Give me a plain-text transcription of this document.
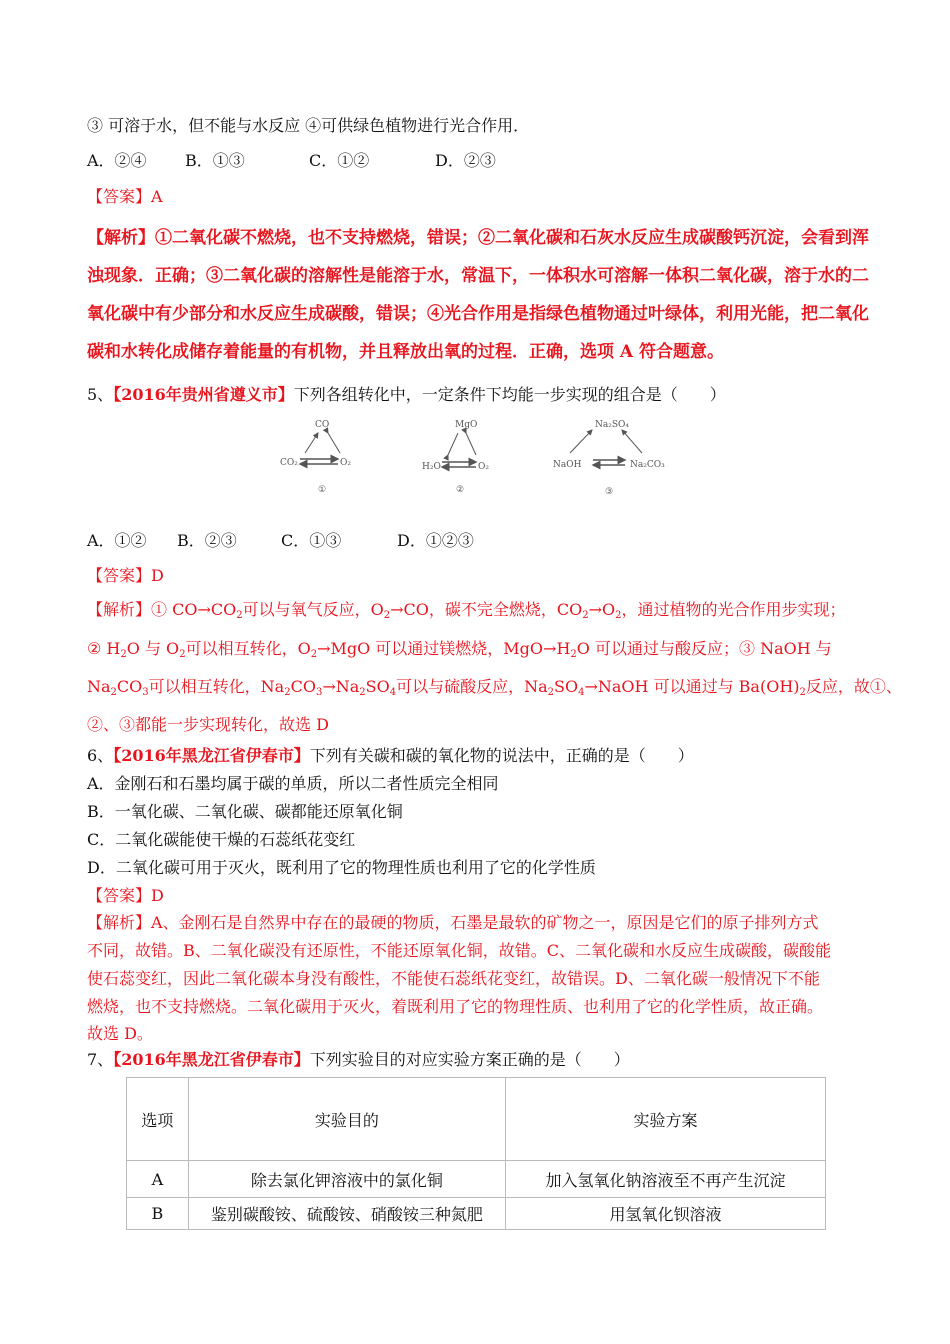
③ 可溶于水，但不能与水反应 ④可供绿色植物进行光合作用．
A．②④ B．①③	C．①②	D．②③
【答案】A
【解析】①二氧化碳不燃烧，也不支持燃烧，错误；②二氧化碳和石灰水反应生成碳酸钙沉淀，会看到浑
浊现象．正确；③二氧化碳的溶解性是能溶于水，常温下，一体积水可溶解一体积二氧化碳，溶于水的二
氧化碳中有少部分和水反应生成碳酸，错误；④光合作用是指绿色植物通过叶绿体，利用光能，把二氧化
碳和水转化成储存着能量的有机物，并且释放出氧的过程．正确，选项 A 符合题意。
5、【2016年贵州省遵义市】下列各组转化中，一定条件下均能一步实现的组合是（　　）
CO
CO₂	O₂
①
MgO
H₂O	O₂
②
Na₂SO₄
NaOH	Na₂CO₃
③
A．①② B．②③	C．①③	D．①②③
【答案】D
【解析】① $CO\to CO_2$可以与氧气反应，$O_2\to CO$，碳不完全燃烧，$CO_2\to O_2$，通过植物的光合作用步实现；
② $H_2O$ 与 $O_2$可以相互转化，$O_2\to MgO$ 可以通过镁燃烧，$MgO\to H_2O$ 可以通过与酸反应；③ NaOH 与
$Na_2CO_3$可以相互转化，$Na_2CO_3\to Na_2SO_4$可以与硫酸反应，$Na_2SO_4\to NaOH$ 可以通过与 $Ba(OH)_2$反应，故①、
②、③都能一步实现转化，故选 D
6、【2016年黑龙江省伊春市】下列有关碳和碳的氧化物的说法中，正确的是（　　）
A．金刚石和石墨均属于碳的单质，所以二者性质完全相同
B．一氧化碳、二氧化碳、碳都能还原氧化铜
C．二氧化碳能使干燥的石蕊纸花变红
D．二氧化碳可用于灭火，既利用了它的物理性质也利用了它的化学性质
【答案】D
【解析】A、金刚石是自然界中存在的最硬的物质，石墨是最软的矿物之一，原因是它们的原子排列方式
不同，故错。B、二氧化碳没有还原性，不能还原氧化铜，故错。C、二氧化碳和水反应生成碳酸，碳酸能
使石蕊变红，因此二氧化碳本身没有酸性，不能使石蕊纸花变红，故错误。D、二氧化碳一般情况下不能
燃烧，也不支持燃烧。二氧化碳用于灭火，着既利用了它的物理性质、也利用了它的化学性质，故正确。
故选 D。
7、【2016年黑龙江省伊春市】下列实验目的对应实验方案正确的是（　　）
选项	实验目的	实验方案
A	除去氯化钾溶液中的氯化铜	加入氢氧化钠溶液至不再产生沉淀
B	鉴别碳酸铵、硫酸铵、硝酸铵三种氮肥	用氢氧化钡溶液
